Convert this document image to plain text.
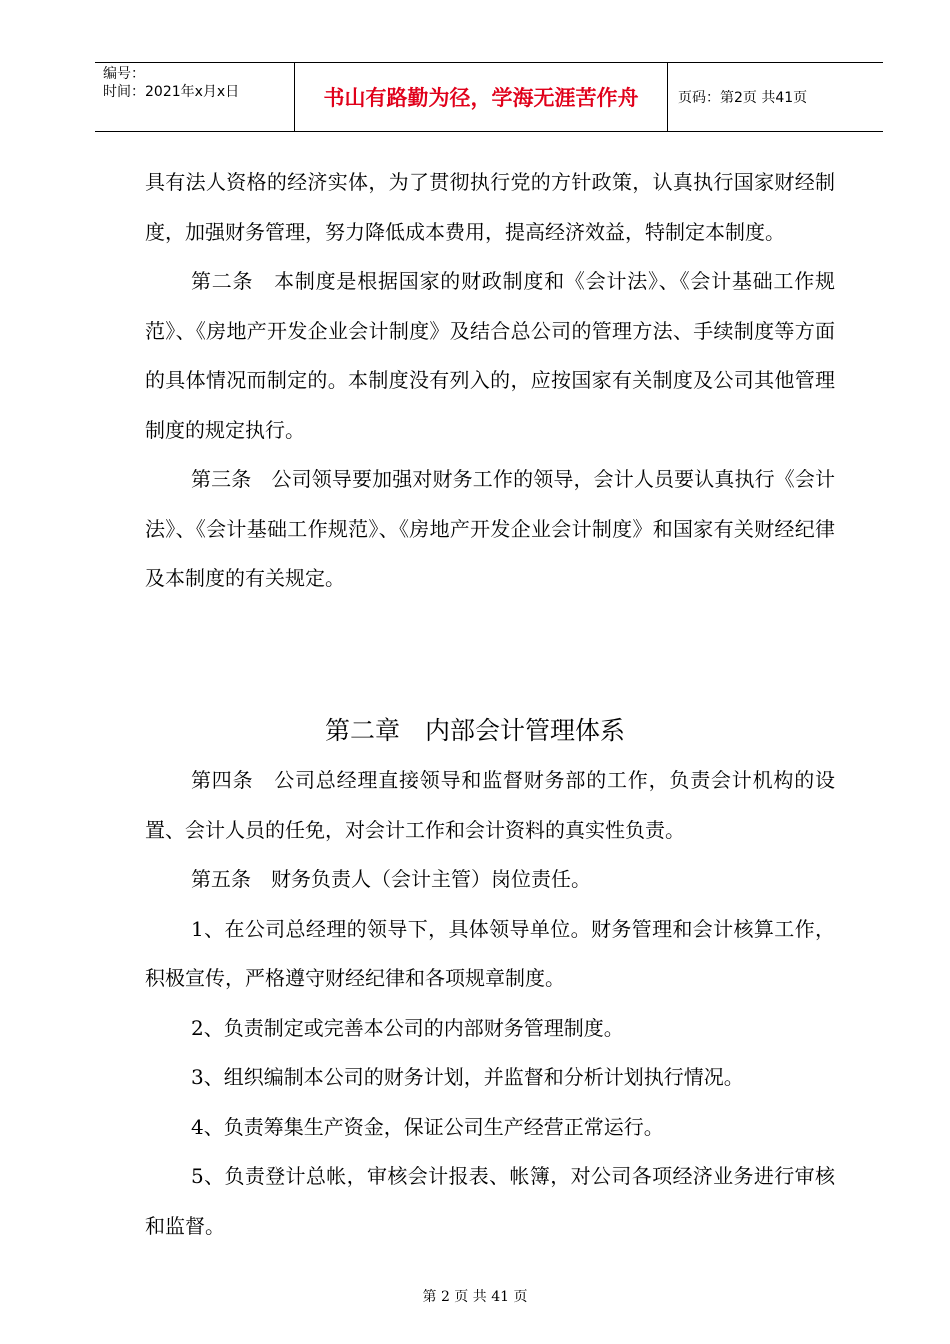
编号：
时间：2021年x月x日	书山有路勤为径，学海无涯苦作舟	页码：第2页 共41页

具有法人资格的经济实体，为了贯彻执行党的方针政策，认真执行国家财经制度，加强财务管理，努力降低成本费用，提高经济效益，特制定本制度。

第二条　本制度是根据国家的财政制度和《会计法》、《会计基础工作规范》、《房地产开发企业会计制度》及结合总公司的管理方法、手续制度等方面的具体情况而制定的。本制度没有列入的，应按国家有关制度及公司其他管理制度的规定执行。

第三条　公司领导要加强对财务工作的领导，会计人员要认真执行《会计法》、《会计基础工作规范》、《房地产开发企业会计制度》和国家有关财经纪律及本制度的有关规定。

第二章　内部会计管理体系

第四条　公司总经理直接领导和监督财务部的工作，负责会计机构的设置、会计人员的任免，对会计工作和会计资料的真实性负责。

第五条　财务负责人（会计主管）岗位责任。

1、在公司总经理的领导下，具体领导单位。财务管理和会计核算工作，积极宣传，严格遵守财经纪律和各项规章制度。

2、负责制定或完善本公司的内部财务管理制度。

3、组织编制本公司的财务计划，并监督和分析计划执行情况。

4、负责筹集生产资金，保证公司生产经营正常运行。

5、负责登计总帐，审核会计报表、帐簿，对公司各项经济业务进行审核和监督。

第 2 页 共 41 页
